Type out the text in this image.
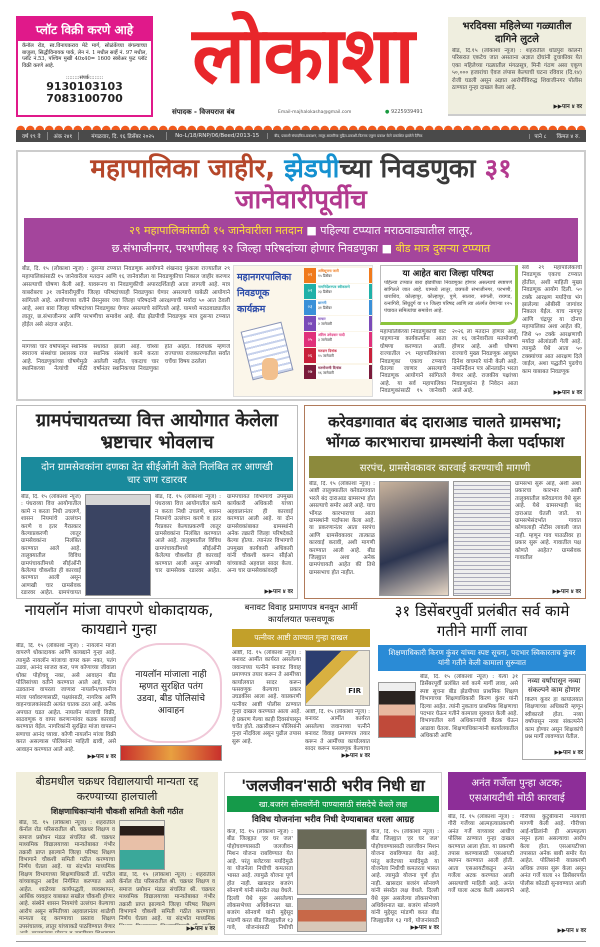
प्लॉट विक्री करणे आहे
कॅनॉल रोड, स्व.विनायकराव मेटे मार्ग, सोळंकेंच्या बंगल्याच्या बाजुला, सिद्धीविनायक पार्क, लेन नं. 1 मधील सर्व्हे नं. 97 मधील, प्लॉट नं.53, पश्चिम मुखी 40x40= 1600 स्क्वेअर फुट प्लॉट विक्री करणे आहे.
::::::::संपर्क::::::::
9130103103
7083100700 लोकाशा
संपादक - विजयराज बंब	Email-majhalokasha@gmail.com	● 9225939491
भरदिवसा महिलेच्या गळ्यातील दागिने लुटले
बीड, दि.१५ (लोकाशा न्यूज) : शहरातील धोंडपुरा कॉलनी परिसरात एकटेच जात असताना अज्ञात दोघांनी दुचाकीवर येत एका महिलेच्या गळ्यातील मंगळसूत्र, मिनी गंठण असा एकूण ५०,००० हजारांचा ऐवज लंपास केल्याची घटना रविवार (दि.१४) रोजी घडली असून अज्ञात आरोपींविरुद्ध शिवाजीनगर पोलीस ठाण्यात गुन्हा दाखल केला आहे.
▶▶पान ४ वर
वर्ष १९ वे	अंक २४१	मंगळवार, दि. १६ डिसेंबर २०२५	No-L/18/RNP/06/Beed/2013-15	बीड, प्रकाशी संपादकिय-प्रकाशन, लातूर-सातारिया मुद्रित-प्रकाशी-वितरक एकूण प्रकाश केले प्रकाशित झालेले दैनिक	पाने ८	किंमत ४ रु.
महापालिका जाहीर, झेडपीच्या निवडणुका ३१ जानेवारीपूर्वीच
२९ महापालिकांसाठी १५ जानेवारीला मतदान ■ पहिल्या टप्प्यात मराठवाड्यातील लातूर,
छ.संभाजीनगर, परभणीसह १२ जिल्हा परिषदांच्या होणार निवडणुका ■ बीड मात्र दुसऱ्या टप्प्यात
बीड, दि. १५ (लोकाशा न्यूज) : दुसऱ्या टप्प्यात निवडणूक आयोगाने शंखनाद फुंकला राज्यातील २९ महापालिकांसाठी १५ जानेवारीला मतदान आणि १६ जानेवारीला या निवडणुकीचा निकाल जाहीर करणार असल्याची घोषणा केली आहे. यावरूनच या निवडणुकीची अपारदर्शिताही आता लागली आहे. मात्र याबरोबरच ३१ जानेवारीपूर्वीच जिल्हा परिषदांच्याही निवडणुका घेणार असल्याचे याबेळी आयोगाने सांगितले आहे. आयोगाच्या वतीने प्रेसनुसार ज्या जिल्हा परिषदांनी आरक्षणाची मर्यादा ५० आत ठेवली आहे, अशा बारा जिल्हा परिषदांच्या निवडणुका घेणार असल्याचे सांगितले आहे. यामध्ये मराठवाड्यातील लातूर, छ.संभाजीनगर आणि परभणीचा समावेश आहे. बीड झेडपीची निवडणूक मात्र दुसऱ्या टप्प्यात होईल असे अंदाज आहेत.
मागच्या चार वर्षांपासून स्थानिक स्वराज्य संस्थांचा प्रशासक राज आहे. निवडणुकांच्या घोषणेमुळे स्थानिकच्या नेत्यांची मोठी संधावत झाली आहे. चौथ्या स्थानिक संस्थांचे कामे करता आलेली नाहीत. एकदाच चार वर्षांनंतर स्थानिकच्या निवडणुका होत आहेत. विरोधक म्हणजे राज्याच्या राजकारणातील सर्वांत चर्चेचा विषय ठरलेला
महानगरपालिका
निवडणूक
कार्यक्रम
०१
अधिसूचना जारी
१५ डिसेंबर
०२
नामनिर्देशनपत्र स्वीकारणे
२३ डिसेंबर
०३
छाननी
३१ डिसेंबर
०४
माघार
२ जानेवारी
०५
अंतिम उमेदवार यादी
३ जानेवारी
०६
मतदान दिनांक
१५ जानेवारी
०७
मतमोजणी दिनांक
१६ जानेवारी
या आहेत बारा जिल्हा परिषदा
पहिल्या टप्प्यात बारा झेडपींच्या निवडणुका होणार असल्याचे स्पष्टपणे सांगितले जात आहे. यामध्ये लातूर, छत्रपती संभाजीनगर, परभणी, धाराशिव, कोल्हापूर, कोल्हापूर, पुणे, सातारा, सांगली, रायगड, रत्नागिरी, सिंधुदुर्ग या १२ जिल्हा परिषद आणि त्या अंतर्गत येणाऱ्या १२५ पंचायत समित्यांचा समावेश आहे.
महापालिकेच्या निवडणुकांची वाट पाहणाऱ्या कार्यकर्त्यांना आता घोषणा करण्यात आली. राज्यातील २९ महापालिकांच्या निवडणुका एकाच टप्प्यात घेतल्या जाणार असल्याचे निवडणूक आयोगाने सांगितले आहे. या सर्व महापालिका निवडणुकांसाठी १५ जानेवारी २०२६ ला मतदान होणार आहे, तर १६ जानेवारीला मतमोजणी होणार आहे. अशी घोषणा राज्याचे मुख्य निवडणूक आयुक्त दिनेश वाघमारे यांनी केली आहे. नामनिर्देशन पत्र ऑनलाईन भरता येणार आहे. राजकीय पक्षांच्या निवडणुकांना हे निवेदन आता आले आहे.
सर्व २९ महापालिकांची निवडणूक एकाच टप्प्यात होतील, अशी माहिती मुख्य निवडणूक आयोग दिली. ५० टक्के आरक्षण मर्यादेचा भंग झालेल्या ओबीसी जागांवर निकाल येईल. याच नागपूर आणि चंद्रपूर या दोनच महापालिका अशा आहेत की, जिथे ५० टक्के आरक्षणाची मर्यादा ओलांडली गेली आहे. त्यामुळे येथे आता ५० टक्क्यांच्या आत आरक्षण दिले जाईल, अशा पद्धतीने पुढचेच काम याबाबत निवडणूक
▶▶पान ४ वर
ग्रामपंचायतच्या वित्त आयोगात केलेला भ्रष्टाचार भोवलाच
दोन ग्रामसेवकांना दणका देत सीईओंनी केले निलंबित तर आणखी चार जण रडारवर
बीड, दि. १५ (लोकाशा न्यूज) : पंधराव्या वित्त आयोगातील कामे न करता निधी उचलणे, शासन नियमांचे उल्लंघन करणे व इतर गैरप्रकार केल्याप्रकरणी लातूर ग्रामसेवकांना निलंबित करण्यात आले आहे. तालुक्यातील विविध ग्रामपंचायतींमध्ये सीईओंनी केलेल्या चौकशीत ही कारवाई करण्यात आली असून आणखी चार ग्रामसेवक रडारवर आहेत. ग्रामपंचायत
बीड, दि. १५ (लोकाशा न्यूज) : पंधराव्या वित्त आयोगातील कामे न करता निधी उचलणे, शासन नियमांचे उल्लंघन करणे व इतर गैरप्रकार केल्याप्रकरणी लातूर ग्रामसेवकांना निलंबित करण्यात आले आहे. तालुक्यातील विविध ग्रामपंचायतींमध्ये सीईओंनी केलेल्या चौकशीत ही कारवाई करण्यात आली असून आणखी चार ग्रामसेवक रडारवर आहेत. ग्रामपंचायत विभागाचे उपमुख्य कार्यकारी अधिकारी यांच्या अहवालानंतर ही कारवाई करण्यात आली आहे. या दोन ग्रामसेवकांबाबत ग्रामस्थांनी अनेक तक्रारी जिल्हा परिषदेकडे केल्या होत्या. त्यानंतर विभागाचे उपमुख्य कार्यकारी अधिकारी यांनी चौकशी करून सीईओ यांच्याकडे अहवाल सादर केला. अन्य चार ग्रामसेवकांवरही
▶▶पान ४ वर
करेवडगावात बंद दाराआड चालते ग्रामसभा; भोंगळ कारभाराचा ग्रामस्थांनी केला पर्दाफाश
सरपंच, ग्रामसेवकावर कारवाई करण्याची मागणी
बीड, दि. १५ (लोकाशा न्यूज) : आष्टी तालुक्यातील करेवडगावात भरले बंद दाराआड ग्रामसभा होत असल्याचे समोर आले आहे. याच भोंगळ कारभाराचा आता ग्रामस्थांनी पर्दाफाश केला आहे. या प्रकरणानंतर आता सरपंच आणि ग्रामसेवकावर तात्काळ कारवाई करावी, अशी मागणी करण्यात आली आहे. बीड जिल्ह्यात अशा अनेक ग्रामपंचायती आहेत की तिथे ग्रामसभाच होत नाहीत.
ग्रामसभा सुरू आहे, अशी अशा प्रकारचा कारभार आष्टी तालुक्यातील करेवडगाव येथे सुरू आहे. येथे ग्रामसभाही बंद दाराआड घेतली जाते. या ग्रामसभेसंदर्भात गावात कोणालाही नोटीस लावली जात नाही. म्हणून गाव पातळीवर हा प्रकार सुरू आहे. गावातील पक्ष कोणते आहेत? ग्रामसेवक गावातील
▶▶पान ४ वर
नायलॉन मांजा वापरणे धोकादायक, कायद्याने गुन्हा
बीड, दि. १५ (लोकाशा न्यूज) : नायलॉन मांजा वापरणे धोकादायक आणि कायद्याने गुन्हा आहे. त्यामुळे नायलॉन मांजाचा वापर करू नका, पतंग उडवा, आनंद साजरा करा, पण कोणाच्या जीवाला धोका पोहोचवू नका, असे आवाहन बीड पोलिसांच्या वतीने करण्यात आले आहे. पतंग उडवताना वापरला जाणारा नायलॉन/चायनीज मांजा पर्यावरणासाठी, पक्ष्यांसाठी, नागरिक आणि वाहनचालकांसाठी अत्यंत घातक ठरत आहे. अनेक अपघात घडत आहेत. नायलॉन मांजाची विक्री, साठवणूक व वापर करणाऱ्यांवर कडक कारवाई करण्यात येईल. नागरिकांनी सुरक्षित मांजा वापरून सणाचा आनंद घ्यावा. कोणी नायलॉन मांजा विक्री करत असल्यास पोलिसांना माहिती द्यावी, असे आवाहन करण्यात आले आहे.
▶▶पान ४ वर
नायलॉन मांजाला नाही म्हणत सुरक्षित पतंग उडवा, बीड पोलिसांचे आवाहन
बनावट विवाह प्रमाणपत्र बनवून आर्मी कार्यालयात फसवणूक
पत्नीवर आष्टी ठाण्यात गुन्हा दाखल
आष्टी, दि. १५ (लोकाशा न्यूज) : बनावट आर्मीत कार्यरत असलेल्या जवानाच्या पत्नीने बनावट विवाह प्रमाणपत्र तयार करून ते आर्मीच्या कार्यालयात सादर करून फसवणूक केल्याचा प्रकार उघडकीस आला आहे. याप्रकरणी पत्नीवर आष्टी पोलीस ठाण्यात गुन्हा दाखल करण्यात आला आहे. हे प्रकरण गेल्या काही दिवसांपासून चर्चेत होते. तक्रारीवरून पोलिसांनी गुन्हा नोंदविला असून पुढील तपास सुरू आहे.
FIR
आष्टी, दि. १५ (लोकाशा न्यूज) : बनावट आर्मीत कार्यरत असलेल्या जवानाच्या पत्नीने बनावट विवाह प्रमाणपत्र तयार करून ते आर्मीच्या कार्यालयात सादर करून फसवणूक केल्याचा
▶▶पान ४ वर
३१ डिसेंबरपुर्वी प्रलंबीत सर्व कामे गतीने मार्गी लावा
शिक्षणाधिकारी किरण कुंवर यांच्या स्पष्ट सूचना, पदभार स्विकारताच कुंवर यांनी गतीने केली कामाला सुरूवात
बीड, दि. १५ (लोकाशा न्यूज) : येत्या ३१ डिसेंबरपूर्वी प्रलंबित सर्व कामे मार्गी लावा, असे स्पष्ट सूचना बीड झेडपीच्या प्राथमिक शिक्षण विभागाच्या शिक्षणाधिकारी किरण कुंवर यांनी दिल्या आहेत. त्यांनी नुकताच प्राथमिक शिक्षणाचा पदभार घेऊन गतीने कामाला सुरुवात केली आहे. विभागातील सर्व अधिकाऱ्यांची बैठक घेऊन आढावा घेतला. शिक्षणाधिकाऱ्यांनी कार्यालयातील अधिकारी आणि
नव्या वर्षापासून नव्या संकल्पने काम होणार
किरण कुंवर हा कार्यालयात शिक्षणाच्या अधिकारी म्हणून स्वीकारले होता. नव्या वर्षापासून नव्या संकल्पनेने काम होणार असून शिक्षकांचे प्रश्न मार्गी लावण्यात येतील.
▶▶पान ४ वर
बीडमधील चक्रधर विद्यालयाची मान्यता रद्द करण्याच्या हालचाली
शिक्षणाधिकाऱ्यांनी चौकशी समिती केली गठीत
बीड, दि. १५ (लोकाशा न्यूज) : शहरातील कॅनॉल रोड परिसरातील श्री. चक्रधर शिक्षण व समाज प्रबोधन मंडळ संचलित श्री. चक्रधर माध्यमिक विद्यालयाच्या मान्यतेबाबत गंभीर तक्रारी प्राप्त झाल्याने जिल्हा परिषद शिक्षण विभागाने चौकशी समिती गठीत करण्याचा निर्णय घेतला आहे. या संदर्भात माध्यमिक शिक्षण विभागाच्या शिक्षणाधिकारी डॉ. पाटील यांच्याकडून आदेश निर्गमित करण्यात आले आहेत. शाळेच्या कार्यपद्धती, व्यवस्थापन, आर्थिक व्यवहार याबाबत सखोल चौकशी होणार आहे. संस्थेने शासन नियमांचे उल्लंघन केल्याचा आरोप असून समितीच्या अहवालानंतर शाळेची मान्यता रद्द करण्याचा प्रस्ताव शिक्षण उपसंचालक, लातूर यांच्याकडे पाठविण्यात येणार
बीड, दि. १५ (लोकाशा न्यूज) : शहरातील कॅनॉल रोड परिसरातील श्री. चक्रधर शिक्षण व समाज प्रबोधन मंडळ संचलित श्री. चक्रधर माध्यमिक विद्यालयाच्या मान्यतेबाबत गंभीर तक्रारी प्राप्त झाल्याने जिल्हा परिषद शिक्षण विभागाने चौकशी समिती गठीत करण्याचा निर्णय घेतला आहे. या संदर्भात माध्यमिक
▶▶पान ४ वर
'जलजीवन'साठी भरीव निधी द्या
खा.बजरंग सोनवणेंनी पाण्यासाठी संसदेचे वेधले लक्ष
विविध योजनांना भरीव निधी देण्याबाबत धरला आग्रह
केज, दि. १५ (लोकाशा न्यूज) : बीड जिल्ह्यात 'हर घर जल' पोहोचवण्यासाठी जलजीवन मिशन योजना राबविण्यात येत आहे. परंतु बजेटच्या मर्यादेमुळे या योजनेला निधीची कमतरता भासत आहे. त्यामुळे योजना पूर्ण होत नाही. खासदार बजरंग सोनवणे यांनी संसदेत लक्ष वेधले. दिल्ली येथे सुरू असलेल्या लोकसभेच्या अधिवेशनात खा. बजरंग सोनवणे यांनी मुद्देसूद मांडणी करत बीड जिल्ह्यातील १३ गावे, योजनांसाठी निधीची
केज, दि. १५ (लोकाशा न्यूज) : बीड जिल्ह्यात 'हर घर जल' पोहोचवण्यासाठी जलजीवन मिशन योजना राबविण्यात येत आहे. परंतु बजेटच्या मर्यादेमुळे या योजनेला निधीची कमतरता भासत आहे. त्यामुळे योजना पूर्ण होत नाही. खासदार बजरंग सोनवणे यांनी संसदेत लक्ष वेधले. दिल्ली येथे सुरू असलेल्या लोकसभेच्या अधिवेशनात खा. बजरंग सोनवणे यांनी मुद्देसूद मांडणी करत बीड जिल्ह्यातील १३ गावे, योजनांसाठी
▶▶पान ४ वर
अनंत गर्जेला पुन्हा अटक; एसआयटीची मोठी कारवाई
बीड, दि. १५ (लोकाशा न्यूज) : गौरी गर्जेच्या आत्महत्याप्रकरणी अनंत गर्जे याच्यावर आधीच पोलिस ठाण्यात गुन्हा दाखल करण्यात आला होता. या प्रकरणी तपास करण्यासाठी एसआयटी स्थापन करण्यात आली होती. आता एसआयटीकडून अनंत गर्जेला अटक करण्यात आली असल्याची माहिती आहे. अनंत गर्जे याला अटक केली असल्याने गौरीच्या कुटुंबीयांनी न्यायाची मागणी केली आहे. गौरीच्या आई-वडिलांनी ही आत्महत्या नसून हत्या असल्याचा आरोप केला होता. एसआयटीच्या तपासात अनेक बाबी समोर येत आहेत. पोलिसांनी याप्रकरणी अधिक तपास सुरू केला असून अनंत गर्जे याला २२ डिसेंबरपर्यंत पोलीस कोठडी सुनावण्यात आली आहे.
▶▶पान ४ वर
